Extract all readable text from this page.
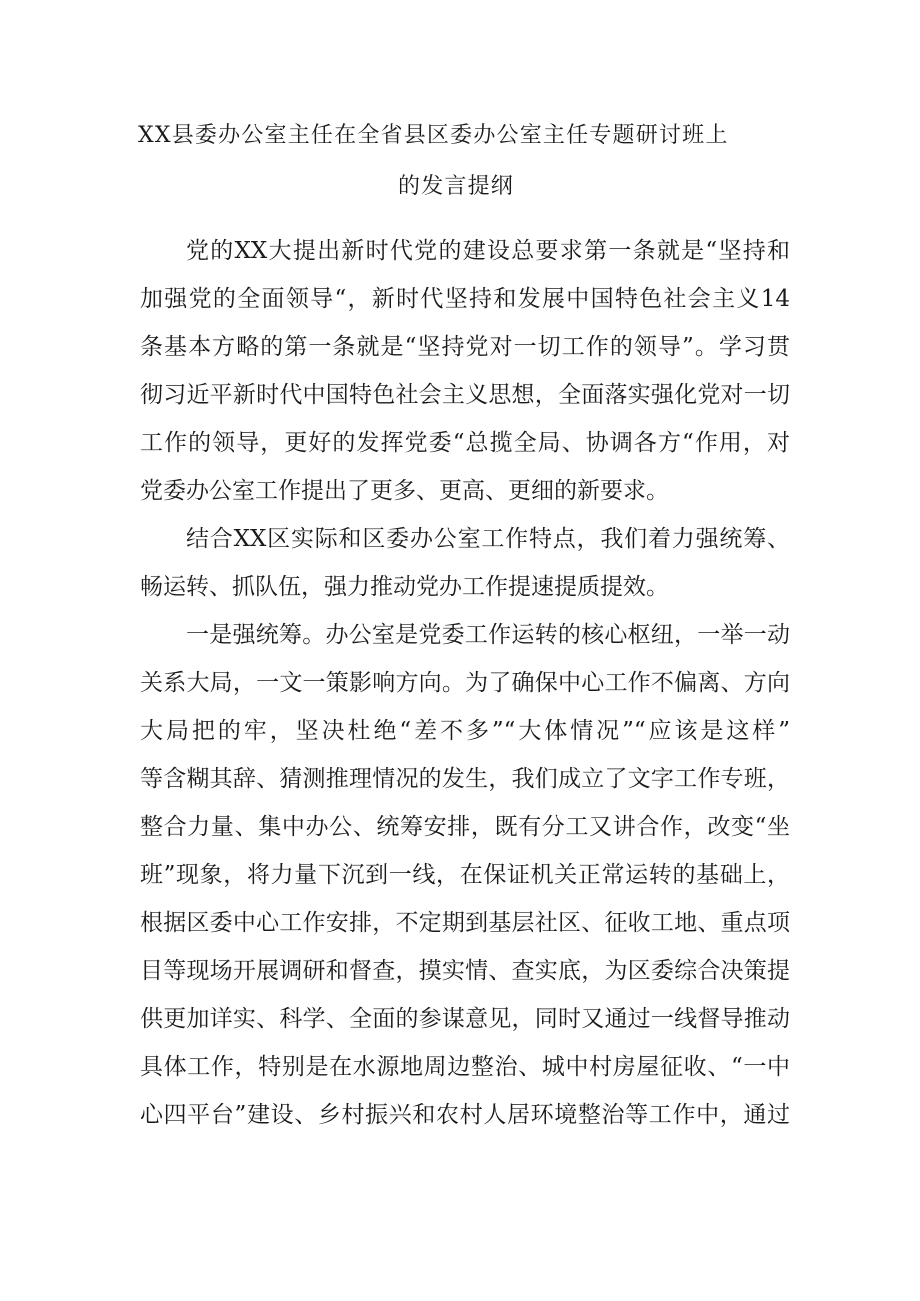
XX县委办公室主任在全省县区委办公室主任专题研讨班上
的发言提纲
党的XX大提出新时代党的建设总要求第一条就是“坚持和
加强党的全面领导“，新时代坚持和发展中国特色社会主义14
条基本方略的第一条就是“坚持党对一切工作的领导”。学习贯
彻习近平新时代中国特色社会主义思想，全面落实强化党对一切
工作的领导，更好的发挥党委“总揽全局、协调各方“作用，对
党委办公室工作提出了更多、更高、更细的新要求。
结合XX区实际和区委办公室工作特点，我们着力强统筹、
畅运转、抓队伍，强力推动党办工作提速提质提效。
一是强统筹。办公室是党委工作运转的核心枢纽，一举一动
关系大局，一文一策影响方向。为了确保中心工作不偏离、方向
大局把的牢，坚决杜绝“差不多”“大体情况”“应该是这样”
等含糊其辞、猜测推理情况的发生，我们成立了文字工作专班，
整合力量、集中办公、统筹安排，既有分工又讲合作，改变“坐
班”现象，将力量下沉到一线，在保证机关正常运转的基础上，
根据区委中心工作安排，不定期到基层社区、征收工地、重点项
目等现场开展调研和督查，摸实情、查实底，为区委综合决策提
供更加详实、科学、全面的参谋意见，同时又通过一线督导推动
具体工作，特别是在水源地周边整治、城中村房屋征收、“一中
心四平台”建设、乡村振兴和农村人居环境整治等工作中，通过
